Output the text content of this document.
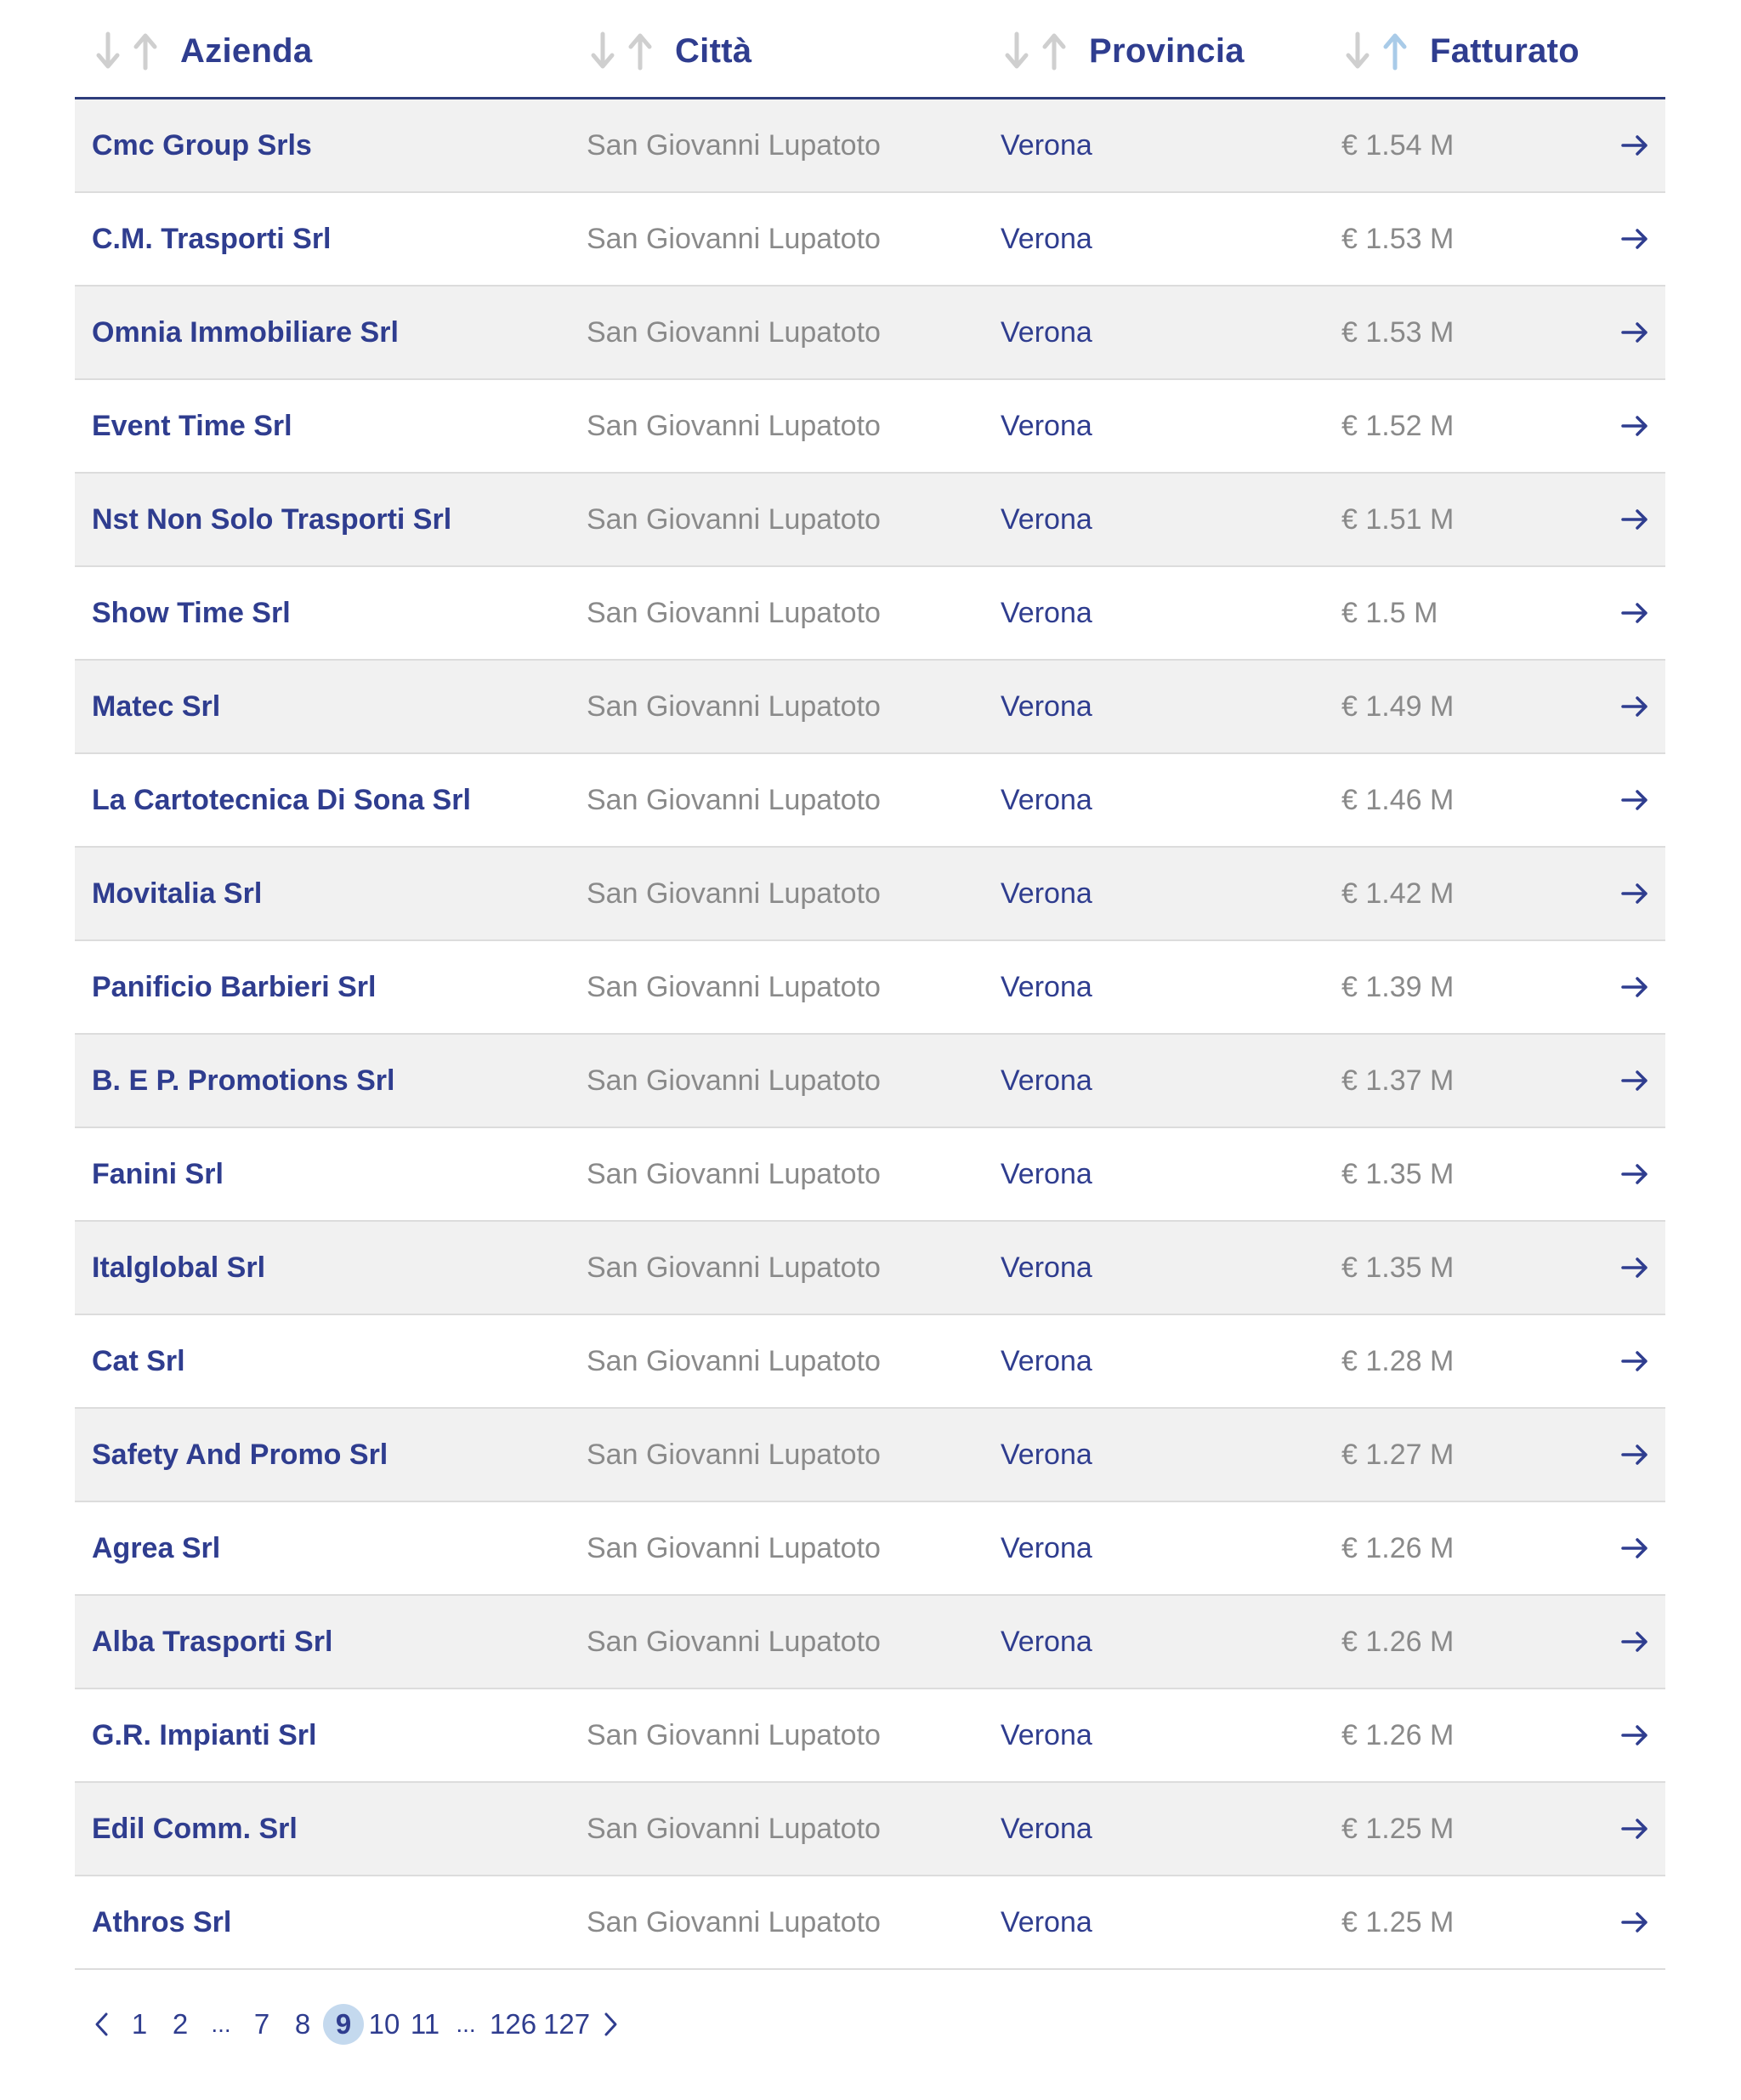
Azienda	Città	Provincia	Fatturato
Cmc Group Srls	San Giovanni Lupatoto	Verona	€ 1.54 M
C.M. Trasporti Srl	San Giovanni Lupatoto	Verona	€ 1.53 M
Omnia Immobiliare Srl	San Giovanni Lupatoto	Verona	€ 1.53 M
Event Time Srl	San Giovanni Lupatoto	Verona	€ 1.52 M
Nst Non Solo Trasporti Srl	San Giovanni Lupatoto	Verona	€ 1.51 M
Show Time Srl	San Giovanni Lupatoto	Verona	€ 1.5 M
Matec Srl	San Giovanni Lupatoto	Verona	€ 1.49 M
La Cartotecnica Di Sona Srl	San Giovanni Lupatoto	Verona	€ 1.46 M
Movitalia Srl	San Giovanni Lupatoto	Verona	€ 1.42 M
Panificio Barbieri Srl	San Giovanni Lupatoto	Verona	€ 1.39 M
B. E P. Promotions Srl	San Giovanni Lupatoto	Verona	€ 1.37 M
Fanini Srl	San Giovanni Lupatoto	Verona	€ 1.35 M
Italglobal Srl	San Giovanni Lupatoto	Verona	€ 1.35 M
Cat Srl	San Giovanni Lupatoto	Verona	€ 1.28 M
Safety And Promo Srl	San Giovanni Lupatoto	Verona	€ 1.27 M
Agrea Srl	San Giovanni Lupatoto	Verona	€ 1.26 M
Alba Trasporti Srl	San Giovanni Lupatoto	Verona	€ 1.26 M
G.R. Impianti Srl	San Giovanni Lupatoto	Verona	€ 1.26 M
Edil Comm. Srl	San Giovanni Lupatoto	Verona	€ 1.25 M
Athros Srl	San Giovanni Lupatoto	Verona	€ 1.25 M
1 2 ... 7 8 9 10 11 ... 126 127
